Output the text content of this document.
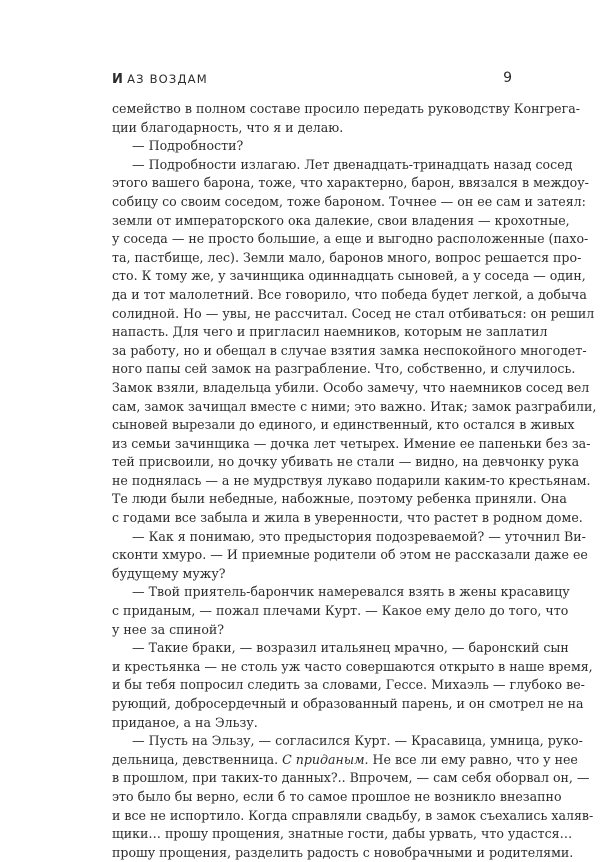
И АЗ ВОЗДАМ	9
семейство в полном составе просило передать руководству Конгрега-
ции благодарность, что я и делаю.
— Подробности?
— Подробности излагаю. Лет двенадцать-тринадцать назад сосед
этого вашего барона, тоже, что характерно, барон, ввязался в междоу-
собицу со своим соседом, тоже бароном. Точнее — он ее сам и затеял:
земли от императорского ока далекие, свои владения — крохотные,
у соседа — не просто большие, а еще и выгодно расположенные (пахо-
та, пастбище, лес). Земли мало, баронов много, вопрос решается про-
сто. К тому же, у зачинщика одиннадцать сыновей, а у соседа — один,
да и тот малолетний. Все говорило, что победа будет легкой, а добыча
солидной. Но — увы, не рассчитал. Сосед не стал отбиваться: он решил
напасть. Для чего и пригласил наемников, которым не заплатил
за работу, но и обещал в случае взятия замка неспокойного многодет-
ного папы сей замок на разграбление. Что, собственно, и случилось.
Замок взяли, владельца убили. Особо замечу, что наемников сосед вел
сам, замок зачищал вместе с ними; это важно. Итак; замок разграбили,
сыновей вырезали до единого, и единственный, кто остался в живых
из семьи зачинщика — дочка лет четырех. Имение ее папеньки без за-
тей присвоили, но дочку убивать не стали — видно, на девчонку рука
не поднялась — а не мудрствуя лукаво подарили каким-то крестьянам.
Те люди были небедные, набожные, поэтому ребенка приняли. Она
с годами все забыла и жила в уверенности, что растет в родном доме.
— Как я понимаю, это предыстория подозреваемой? — уточнил Ви-
сконти хмуро. — И приемные родители об этом не рассказали даже ее
будущему мужу?
— Твой приятель-барончик намеревался взять в жены красавицу
с приданым, — пожал плечами Курт. — Какое ему дело до того, что
у нее за спиной?
— Такие браки, — возразил итальянец мрачно, — баронский сын
и крестьянка — не столь уж часто совершаются открыто в наше время,
и бы тебя попросил следить за словами, Гессе. Михаэль — глубоко ве-
рующий, добросердечный и образованный парень, и он смотрел не на
приданое, а на Эльзу.
— Пусть на Эльзу, — согласился Курт. — Красавица, умница, руко-
дельница, девственница. С приданым. Не все ли ему равно, что у нее
в прошлом, при таких-то данных?.. Впрочем, — сам себя оборвал он, —
это было бы верно, если б то самое прошлое не возникло внезапно
и все не испортило. Когда справляли свадьбу, в замок съехались халяв-
щики… прошу прощения, знатные гости, дабы урвать, что удастся…
прошу прощения, разделить радость с новобрачными и родителями.
